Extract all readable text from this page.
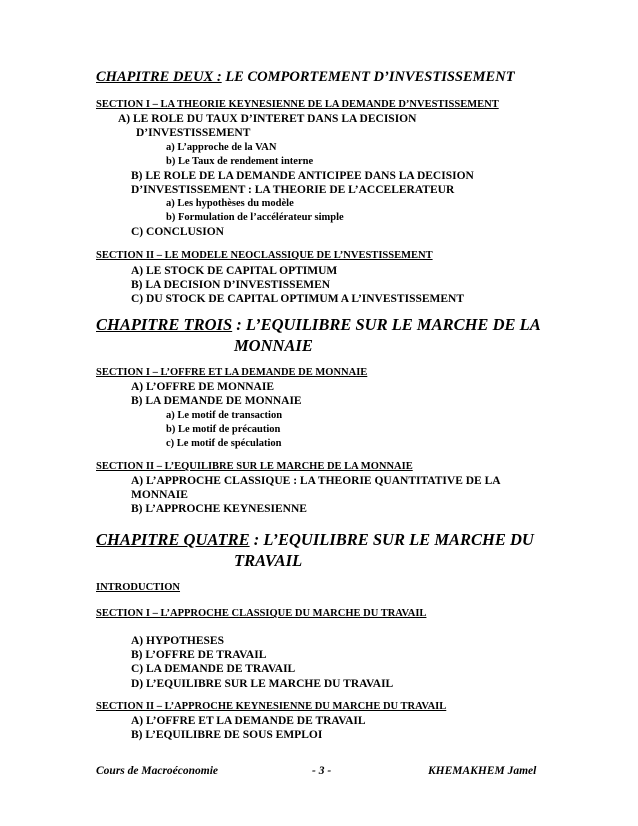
CHAPITRE DEUX : LE COMPORTEMENT D’INVESTISSEMENT
SECTION I – LA THEORIE KEYNESIENNE DE LA DEMANDE D’NVESTISSEMENT
A) LE ROLE DU TAUX D’INTERET DANS LA DECISION
D’INVESTISSEMENT
a) L’approche de la VAN
b) Le Taux de rendement interne
B) LE ROLE DE LA DEMANDE ANTICIPEE DANS LA DECISION
D’INVESTISSEMENT : LA THEORIE DE L’ACCELERATEUR
a) Les hypothèses du modèle
b) Formulation de l’accélérateur simple
C) CONCLUSION
SECTION II – LE MODELE NEOCLASSIQUE DE L’NVESTISSEMENT
A) LE STOCK DE CAPITAL OPTIMUM
B) LA DECISION D’INVESTISSEMEN
C) DU STOCK DE CAPITAL OPTIMUM A L’INVESTISSEMENT
CHAPITRE TROIS : L’EQUILIBRE SUR LE MARCHE DE LA
MONNAIE
SECTION I – L’OFFRE ET LA DEMANDE DE MONNAIE
A) L’OFFRE DE MONNAIE
B) LA DEMANDE DE MONNAIE
a) Le motif de transaction
b) Le motif de précaution
c) Le motif de spéculation
SECTION II – L’EQUILIBRE SUR LE MARCHE DE LA MONNAIE
A) L’APPROCHE CLASSIQUE : LA THEORIE QUANTITATIVE DE LA
MONNAIE
B) L’APPROCHE KEYNESIENNE
CHAPITRE QUATRE : L’EQUILIBRE SUR LE MARCHE DU
TRAVAIL
INTRODUCTION
SECTION I – L’APPROCHE CLASSIQUE DU MARCHE DU TRAVAIL
A) HYPOTHESES
B) L’OFFRE DE TRAVAIL
C) LA DEMANDE DE TRAVAIL
D) L’EQUILIBRE SUR LE MARCHE DU TRAVAIL
SECTION II – L’APPROCHE KEYNESIENNE DU MARCHE DU TRAVAIL
A) L’OFFRE ET LA DEMANDE DE TRAVAIL
B) L’EQUILIBRE DE SOUS EMPLOI
Cours de Macroéconomie	- 3 -	KHEMAKHEM Jamel
